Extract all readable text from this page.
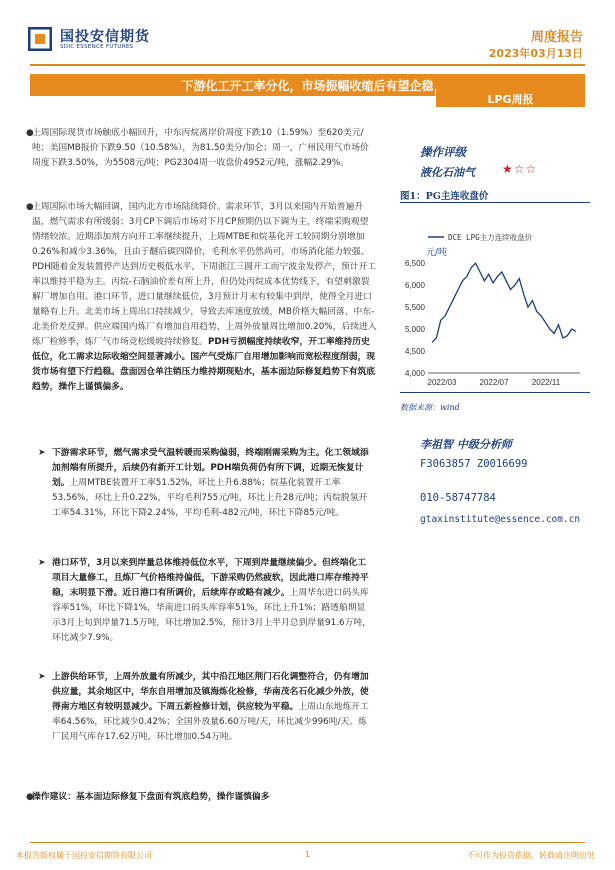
国投安信期货
SDIC ESSENCE FUTURES
周度报告
2023年03月13日
下游化工开工率分化，市场振幅收缩后有望企稳
LPG周报
●
上周国际现货市场触底小幅回升，中东丙烷离岸价周度下跌10（1.59%）至620美元/吨；美国MB报价下跌9.50（10.58%），为81.50美分/加仑；周一，广州民用气市场价周度下跌3.50%，为5508元/吨；PG2304周一收盘价4952元/吨，涨幅2.29%。
●
上周国际市场大幅回调，国内北方市场陆续降价。需求环节，3月以来国内开始普遍升温，燃气需求有所缓弱；3月CP下调后市场对下月CP预期仍以下调为主，终端采购观望情绪较浓。近期添加剂方向开工率继续提升，上周MTBE和烷基化开工较同期分别增加0.26%和减少3.36%，且由于醚后碳四降价，毛利水平仍然尚可，市场消化能力较强。PDH随着金发装置停产达到历史极低水平，下周浙江三圆开工而宁波金发停产，预计开工率以维持平稳为主。丙烷-石脑油价差有所上升，但仍处丙烷成本优势线下，有望刺激裂解厂增加自用。港口环节，进口量继续低位，3月预计月末有较集中到岸，使得全月进口量略有上升。北美市场上周出口持续减少，导致去库速度放缓，MB价格大幅回落，中东-北美价差反弹。供应端国内炼厂有增加自用趋势，上周外放量周比增加0.20%，后续进入炼厂检修季，炼厂气市场竞松缓坡持续修复。PDH亏损幅度持续收窄，开工率维持历史低位，化工需求边际收缩空间显著减小。国产气受炼厂自用增加影响而宽松程度削弱，现货市场有望下行趋稳。盘面因仓单注销压力维持期现贴水，基本面边际修复趋势下有筑底趋势，操作上谨慎偏多。
➤ 下游需求环节，燃气需求受气温转暖而采购偏弱，终端刚需采购为主。化工领域添加剂端有所提升，后续仍有新开工计划。PDH端负荷仍有所下调，近期无恢复计划。上周MTBE装置开工率51.52%，环比上升6.88%；烷基化装置开工率53.56%，环比上升0.22%，平均毛利755元/吨，环比上升28元/吨；丙烷脱氢开工率54.31%，环比下降2.24%，平均毛利-482元/吨，环比下降85元/吨。
➤ 港口环节，3月以来到岸量总体维持低位水平，下周到岸量继续偏少。但终端化工项目大量修工，且炼厂气价格维持偏低，下游采购仍然疲软，因此港口库存维持平稳，末明显下滑。近日港口有所调价，后续库存或略有减少。上周华东进口码头库容率51%，环比下降1%，华南进口码头库容率51%，环比上升1%；路透船期显示3月上旬到岸量71.5万吨，环比增加2.5%，预计3月上半月总到岸量91.6万吨，环比减少7.9%。
➤ 上游供给环节，上周外放量有所减少，其中沿江地区荆门石化调整符合，仍有增加供应量，其余地区中，华东自用增加及镇海炼化检修，华南茂名石化减少外放，使得南方地区有较明显减少。下周五新检修计划，供应较为平稳。上周山东地炼开工率64.56%，环比减少0.42%；全国外放量6.60万吨/天，环比减少996吨/天。炼厂民用气库存17.62万吨，环比增加0.54万吨。
●
操作建议：基本面边际修复下盘面有筑底趋势，操作谨慎偏多
操作评级
液化石油气 ★☆☆
图1：PG主连收盘价
DCE LPG主力连续收盘价
元/吨
4,000
4,500
5,000
5,500
6,000
6,500
2022/03	2022/07	2022/11
数据来源：wind
李祖智 中级分析师
F3063857 Z0016699
010-58747784
gtaxinstitute@essence.com.cn
本报告版权属于国投安信期货有限公司	1	不可作为投资依据，转载请注明出处
